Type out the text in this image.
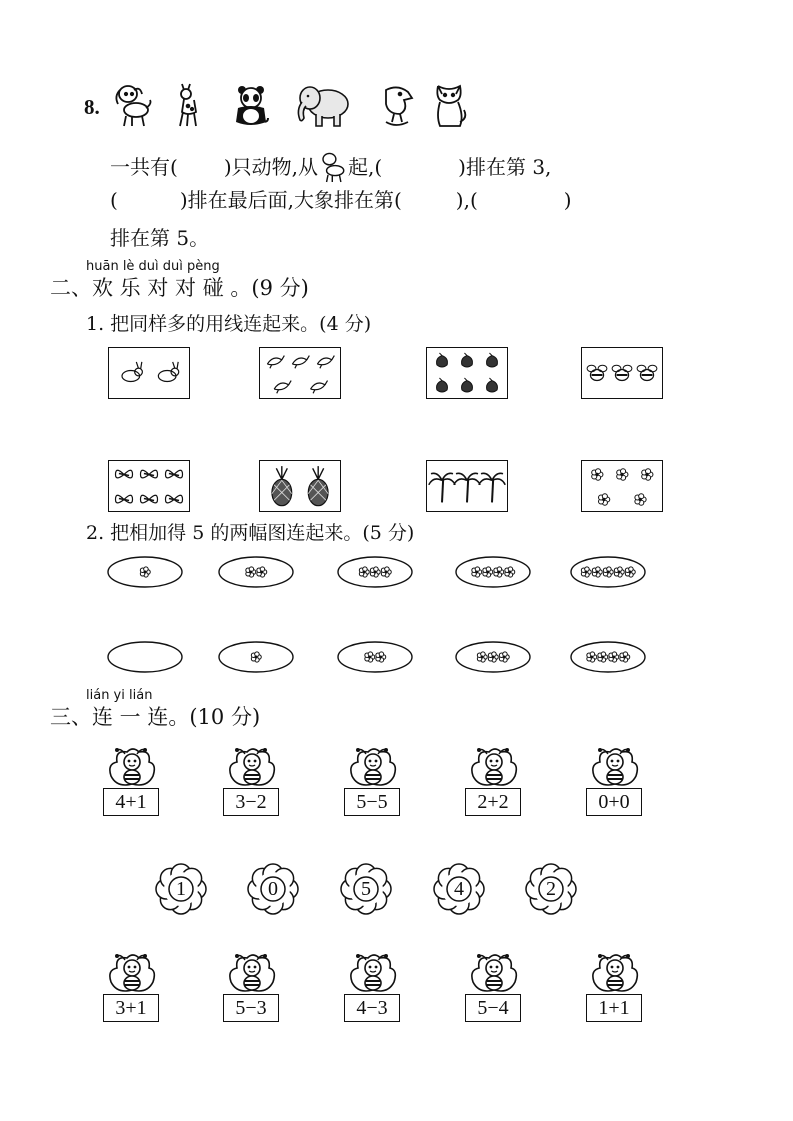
8.
一共有( )只动物,从 起,(	)排在第 3,
(	)排在最后面,大象排在第(	),(	)
排在第 5。
huān lè duì duì pèng
二、欢 乐 对 对 碰 。(9 分)
1. 把同样多的用线连起来。(4 分)
2. 把相加得 5 的两幅图连起来。(5 分)
lián yi lián
三、连 一 连。(10 分)
4+1	3−2	5−5	2+2	0+0
1	0	5	4	2
3+1	5−3	4−3	5−4	1+1
